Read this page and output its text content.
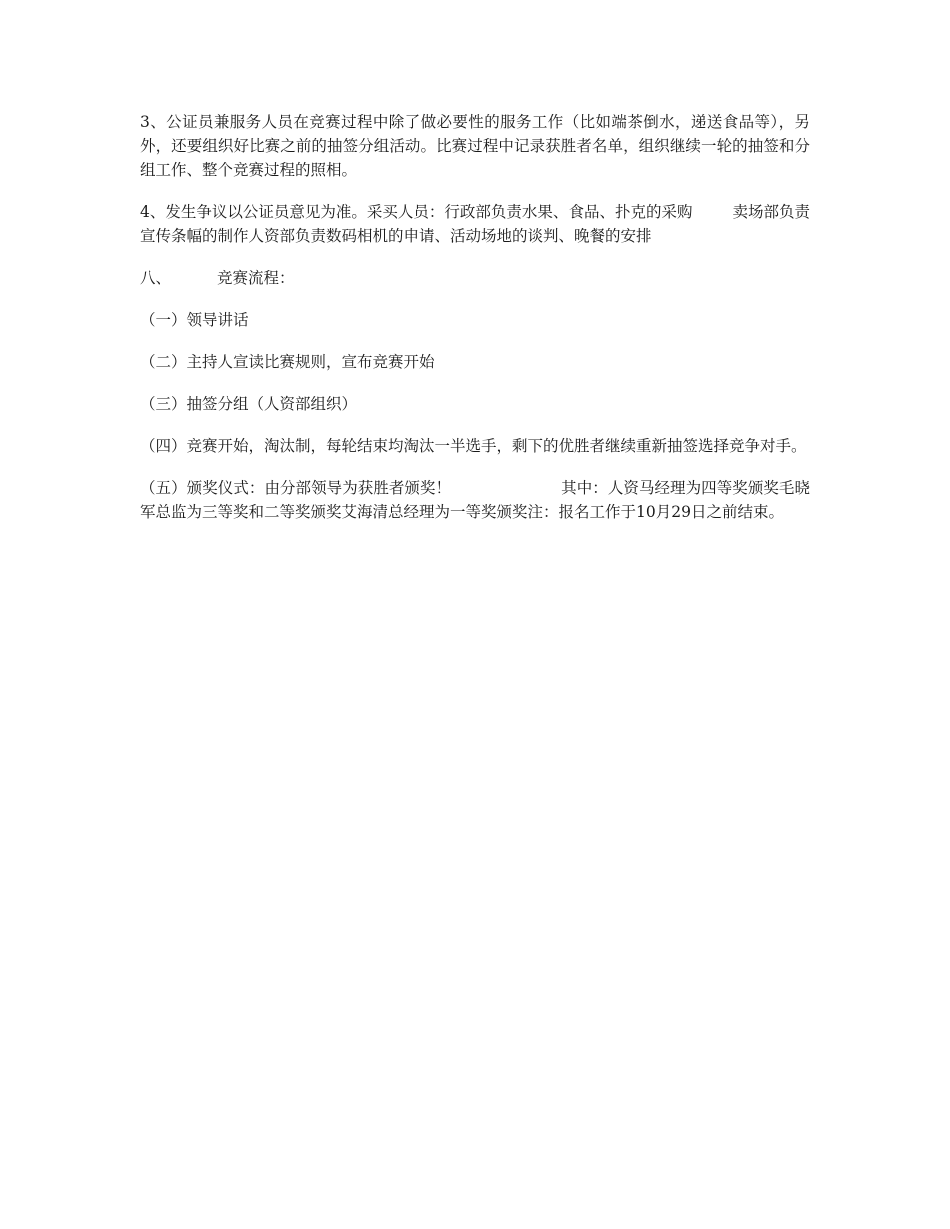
3、公证员兼服务人员在竞赛过程中除了做必要性的服务工作（比如端茶倒水，递送食品等），另外，还要组织好比赛之前的抽签分组活动。比赛过程中记录获胜者名单，组织继续一轮的抽签和分组工作、整个竞赛过程的照相。

4、发生争议以公证员意见为准。采买人员：行政部负责水果、食品、扑克的采购	卖场部负责宣传条幅的制作人资部负责数码相机的申请、活动场地的谈判、晚餐的安排

八、	竞赛流程：

（一）领导讲话

（二）主持人宣读比赛规则，宣布竞赛开始

（三）抽签分组（人资部组织）

（四）竞赛开始，淘汰制，每轮结束均淘汰一半选手，剩下的优胜者继续重新抽签选择竞争对手。

（五）颁奖仪式：由分部领导为获胜者颁奖！	其中：人资马经理为四等奖颁奖毛晓军总监为三等奖和二等奖颁奖艾海清总经理为一等奖颁奖注：报名工作于10月29日之前结束。
